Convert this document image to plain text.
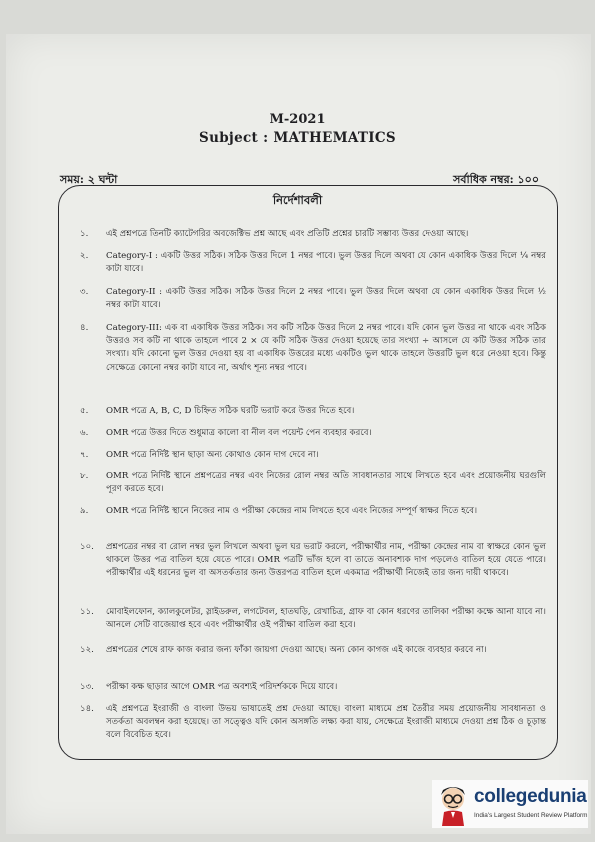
M-2021
Subject : MATHEMATICS
সময়: ২ ঘন্টা	সর্বাধিক নম্বর: ১০০
নির্দেশাবলী
১.	এই প্রশ্নপত্রে তিনটি ক্যাটেগরির অবজেক্টিভ প্রশ্ন আছে এবং প্রতিটি প্রশ্নের চারটি সম্ভাব্য উত্তর দেওয়া আছে।
২.	Category-I : একটি উত্তর সঠিক। সঠিক উত্তর দিলে 1 নম্বর পাবে। ভুল উত্তর দিলে অথবা যে কোন একাধিক উত্তর দিলে ¼ নম্বর কাটা যাবে।
৩.	Category-II : একটি উত্তর সঠিক। সঠিক উত্তর দিলে 2 নম্বর পাবে। ভুল উত্তর দিলে অথবা যে কোন একাধিক উত্তর দিলে ½ নম্বর কাটা যাবে।
৪.	Category-III: এক বা একাধিক উত্তর সঠিক। সব কটি সঠিক উত্তর দিলে 2 নম্বর পাবে। যদি কোন ভুল উত্তর না থাকে এবং সঠিক উত্তরও সব কটি না থাকে তাহলে পাবে 2 × যে কটি সঠিক উত্তর দেওয়া হয়েছে তার সংখ্যা ÷ আসলে যে কটি উত্তর সঠিক তার সংখ্যা। যদি কোনো ভুল উত্তর দেওয়া হয় বা একাধিক উত্তরের মধ্যে একটিও ভুল থাকে তাহলে উত্তরটি ভুল ধরে নেওয়া হবে। কিন্তু সেক্ষেত্রে কোনো নম্বর কাটা যাবে না, অর্থাৎ শূন্য নম্বর পাবে।
৫.	OMR পত্রে A, B, C, D চিহ্নিত সঠিক ঘরটি ভরাট করে উত্তর দিতে হবে।
৬.	OMR পত্রে উত্তর দিতে শুধুমাত্র কালো বা নীল বল পয়েন্ট পেন ব্যবহার করবে।
৭.	OMR পত্রে নির্দিষ্ট স্থান ছাড়া অন্য কোথাও কোন দাগ দেবে না।
৮.	OMR পত্রে নির্দিষ্ট স্থানে প্রশ্নপত্রের নম্বর এবং নিজের রোল নম্বর অতি সাবধানতার সাথে লিখতে হবে এবং প্রয়োজনীয় ঘরগুলি পূরণ করতে হবে।
৯.	OMR পত্রে নির্দিষ্ট স্থানে নিজের নাম ও পরীক্ষা কেন্দ্রের নাম লিখতে হবে এবং নিজের সম্পূর্ণ স্বাক্ষর দিতে হবে।
১০.	প্রশ্নপত্রের নম্বর বা রোল নম্বর ভুল লিখলে অথবা ভুল ঘর ভরাট করলে, পরীক্ষার্থীর নাম, পরীক্ষা কেন্দ্রের নাম বা স্বাক্ষরে কোন ভুল থাকলে উত্তর পত্র বাতিল হয়ে যেতে পারে। OMR পত্রটি ভাঁজ হলে বা তাতে অনাবশ্যক দাগ পড়লেও বাতিল হয়ে যেতে পারে। পরীক্ষার্থীর এই ধরনের ভুল বা অসতর্কতার জন্য উত্তরপত্র বাতিল হলে একমাত্র পরীক্ষার্থী নিজেই তার জন্য দায়ী থাকবে।
১১.	মোবাইলফোন, ক্যালকুলেটর, স্লাইডরুল, লগটেবল, হাতঘড়ি, রেখাচিত্র, গ্রাফ বা কোন ধরণের তালিকা পরীক্ষা কক্ষে আনা যাবে না। আনলে সেটি বাজেয়াপ্ত হবে এবং পরীক্ষার্থীর ওই পরীক্ষা বাতিল করা হবে।
১২.	প্রশ্নপত্রের শেষে রাফ কাজ করার জন্য ফাঁকা জায়গা দেওয়া আছে। অন্য কোন কাগজ এই কাজে ব্যবহার করবে না।
১৩.	পরীক্ষা কক্ষ ছাড়ার আগে OMR পত্র অবশ্যই পরিদর্শককে দিয়ে যাবে।
১৪.	এই প্রশ্নপত্রে ইংরাজী ও বাংলা উভয় ভাষাতেই প্রশ্ন দেওয়া আছে। বাংলা মাধ্যমে প্রশ্ন তৈরীর সময় প্রয়োজনীয় সাবধানতা ও সতর্কতা অবলম্বন করা হয়েছে। তা সত্ত্বেও যদি কোন অসঙ্গতি লক্ষ্য করা যায়, সেক্ষেত্রে ইংরাজী মাধ্যমে দেওয়া প্রশ্ন ঠিক ও চূড়ান্ত বলে বিবেচিত হবে।
collegedunia
India's Largest Student Review Platform
